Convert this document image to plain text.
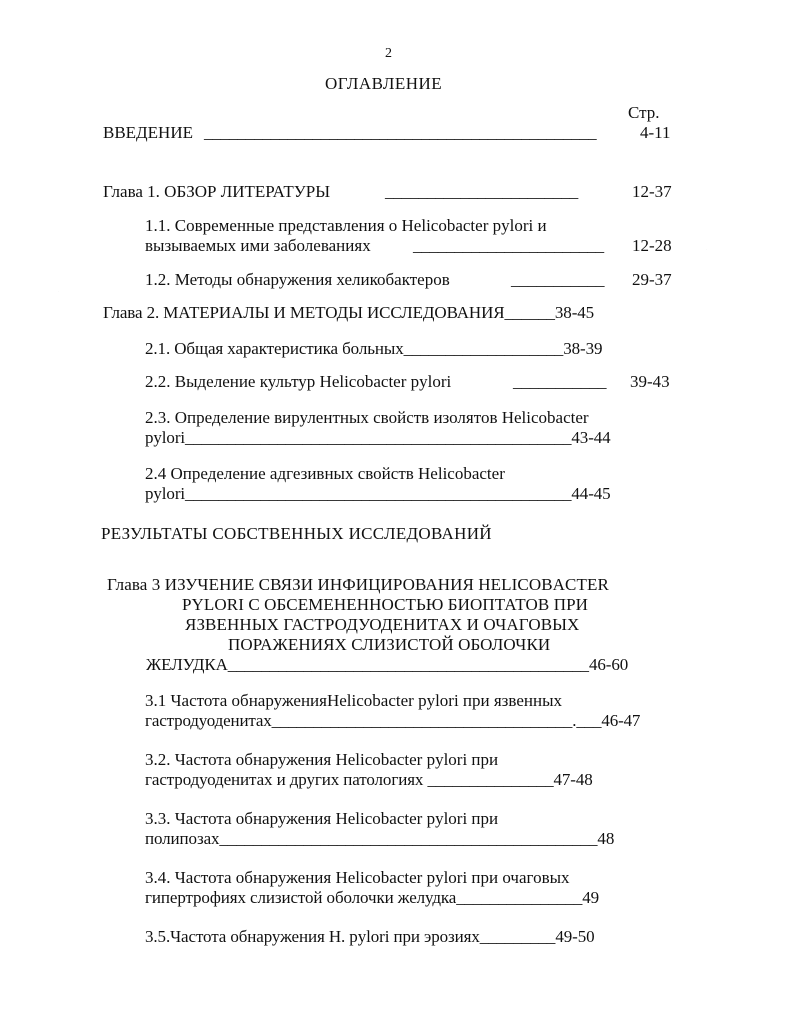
2
ОГЛАВЛЕНИЕ
Стр.
ВВЕДЕНИЕ _______________________________________________	4-11
Глава 1. ОБЗОР ЛИТЕРАТУРЫ	_______________________	12-37
1.1. Современные представления о Helicobacter pylori и
вызываемых ими заболеваниях _______________________ 12-28
1.2. Методы обнаружения хеликобактеров	___________ 29-37
Глава 2. МАТЕРИАЛЫ И МЕТОДЫ ИССЛЕДОВАНИЯ______38-45
2.1. Общая характеристика больных___________________38-39
2.2. Выделение культур Helicobacter pylori	___________ 39-43
2.3. Определение вирулентных свойств изолятов Helicobacter
pylori______________________________________________43-44
2.4 Определение адгезивных свойств Helicobacter
pylori______________________________________________44-45
РЕЗУЛЬТАТЫ СОБСТВЕННЫХ ИССЛЕДОВАНИЙ
Глава 3 ИЗУЧЕНИЕ СВЯЗИ ИНФИЦИРОВАНИЯ HELICOBACTER
PYLORI С ОБСЕМЕНЕННОСТЬЮ БИОПТАТОВ ПРИ
ЯЗВЕННЫХ ГАСТРОДУОДЕНИТАХ И ОЧАГОВЫХ
ПОРАЖЕНИЯХ СЛИЗИСТОЙ ОБОЛОЧКИ
ЖЕЛУДКА___________________________________________46-60
3.1 Частота обнаруженияHelicobacter pylori при язвенных
гастродуоденитах____________________________________.___46-47
3.2. Частота обнаружения Helicobacter pylori при
гастродуоденитах и других патологиях _______________47-48
3.3. Частота обнаружения Helicobacter pylori при
полипозах_____________________________________________48
3.4. Частота обнаружения Helicobacter pylori при очаговых
гипертрофиях слизистой оболочки желудка_______________49
3.5.Частота обнаружения H. pylori при эрозиях_________49-50
·
·
